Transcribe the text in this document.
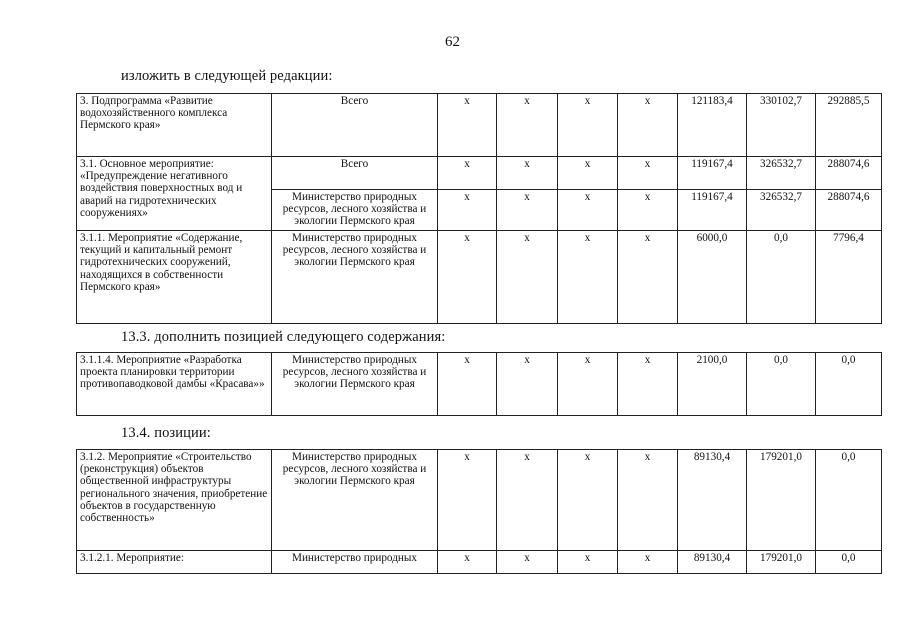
62
изложить в следующей редакции:
3. Подпрограмма «Развитие водохозяйственного комплекса Пермского края»	Всего	x	x	x	x	121183,4	330102,7	292885,5
3.1. Основное мероприятие: «Предупреждение негативного воздействия поверхностных вод и аварий на гидротехнических сооружениях»	Всего	x	x	x	x	119167,4	326532,7	288074,6
	Министерство природных ресурсов, лесного хозяйства и экологии Пермского края	x	x	x	x	119167,4	326532,7	288074,6
3.1.1. Мероприятие «Содержание, текущий и капитальный ремонт гидротехнических сооружений, находящихся в собственности Пермского края»	Министерство природных ресурсов, лесного хозяйства и экологии Пермского края	x	x	x	x	6000,0	0,0	7796,4
13.3. дополнить позицией следующего содержания:
3.1.1.4. Мероприятие «Разработка проекта планировки территории противопаводковой дамбы «Красава»»	Министерство природных ресурсов, лесного хозяйства и экологии Пермского края	x	x	x	x	2100,0	0,0	0,0
13.4. позиции:
3.1.2. Мероприятие «Строительство (реконструкция) объектов общественной инфраструктуры регионального значения, приобретение объектов в государственную собственность»	Министерство природных ресурсов, лесного хозяйства и экологии Пермского края	x	x	x	x	89130,4	179201,0	0,0
3.1.2.1. Мероприятие:	Министерство природных	x	x	x	x	89130,4	179201,0	0,0
